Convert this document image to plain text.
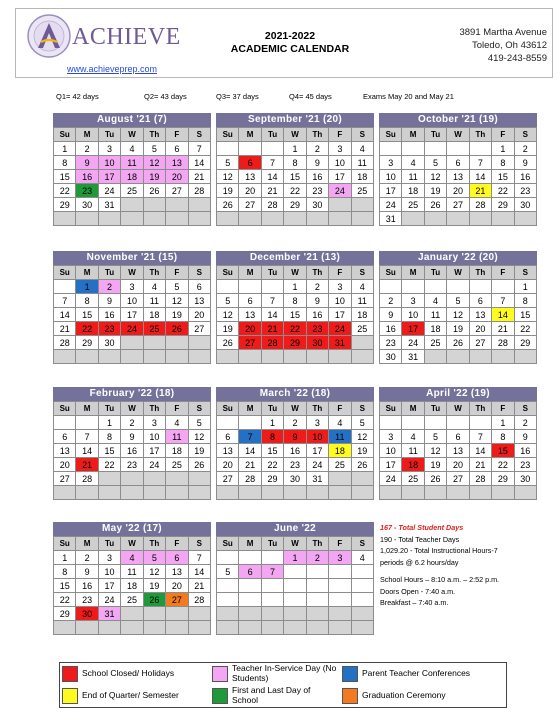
ACHIEVE
www.achieveprep.com
2021-2022
ACADEMIC CALENDAR
3891 Martha Avenue
Toledo, Oh 43612
419-243-8559
Q1= 42 days	Q2= 43 days	Q3= 37 days	Q4= 45 days	Exams May 20 and May 21
August '21 (7)
Su	M	Tu	W	Th	F	S
1	2	3	4	5	6	7
8	9	10	11	12	13	14
15	16	17	18	19	20	21
22	23	24	25	26	27	28
29	30	31				

September '21 (20)
Su	M	Tu	W	Th	F	S
			1	2	3	4
5	6	7	8	9	10	11
12	13	14	15	16	17	18
19	20	21	22	23	24	25
26	27	28	29	30		

October '21 (19)
Su	M	Tu	W	Th	F	S
					1	2
3	4	5	6	7	8	9
10	11	12	13	14	15	16
17	18	19	20	21	22	23
24	25	26	27	28	29	30
31						
November '21 (15)
Su	M	Tu	W	Th	F	S
	1	2	3	4	5	6
7	8	9	10	11	12	13
14	15	16	17	18	19	20
21	22	23	24	25	26	27
28	29	30				

December '21 (13)
Su	M	Tu	W	Th	F	S
			1	2	3	4
5	6	7	8	9	10	11
12	13	14	15	16	17	18
19	20	21	22	23	24	25
26	27	28	29	30	31	

January '22 (20)
Su	M	Tu	W	Th	F	S
						1
2	3	4	5	6	7	8
9	10	11	12	13	14	15
16	17	18	19	20	21	22
23	24	25	26	27	28	29
30	31					
February '22 (18)
Su	M	Tu	W	Th	F	S
		1	2	3	4	5
6	7	8	9	10	11	12
13	14	15	16	17	18	19
20	21	22	23	24	25	26
27	28					

March '22 (18)
Su	M	Tu	W	Th	F	S
		1	2	3	4	5
6	7	8	9	10	11	12
13	14	15	16	17	18	19
20	21	22	23	24	25	26
27	28	29	30	31		

April '22 (19)
Su	M	Tu	W	Th	F	S
					1	2
3	4	5	6	7	8	9
10	11	12	13	14	15	16
17	18	19	20	21	22	23
24	25	26	27	28	29	30

May '22 (17)
Su	M	Tu	W	Th	F	S
1	2	3	4	5	6	7
8	9	10	11	12	13	14
15	16	17	18	19	20	21
22	23	24	25	26	27	28
29	30	31				

June '22
Su	M	Tu	W	Th	F	S
			1	2	3	4
5	6	7				

167 - Total Student Days
190 - Total Teacher Days
1,029.20 - Total Instructional Hours-7
periods @ 6.2 hours/day
School Hours – 8:10 a.m. – 2:52 p.m.
Doors Open - 7:40 a.m.
Breakfast – 7:40 a.m.
School Closed/ Holidays	Teacher In-Service Day (No Students)	Parent Teacher Conferences
End of Quarter/ Semester	First and Last Day of School	Graduation Ceremony
